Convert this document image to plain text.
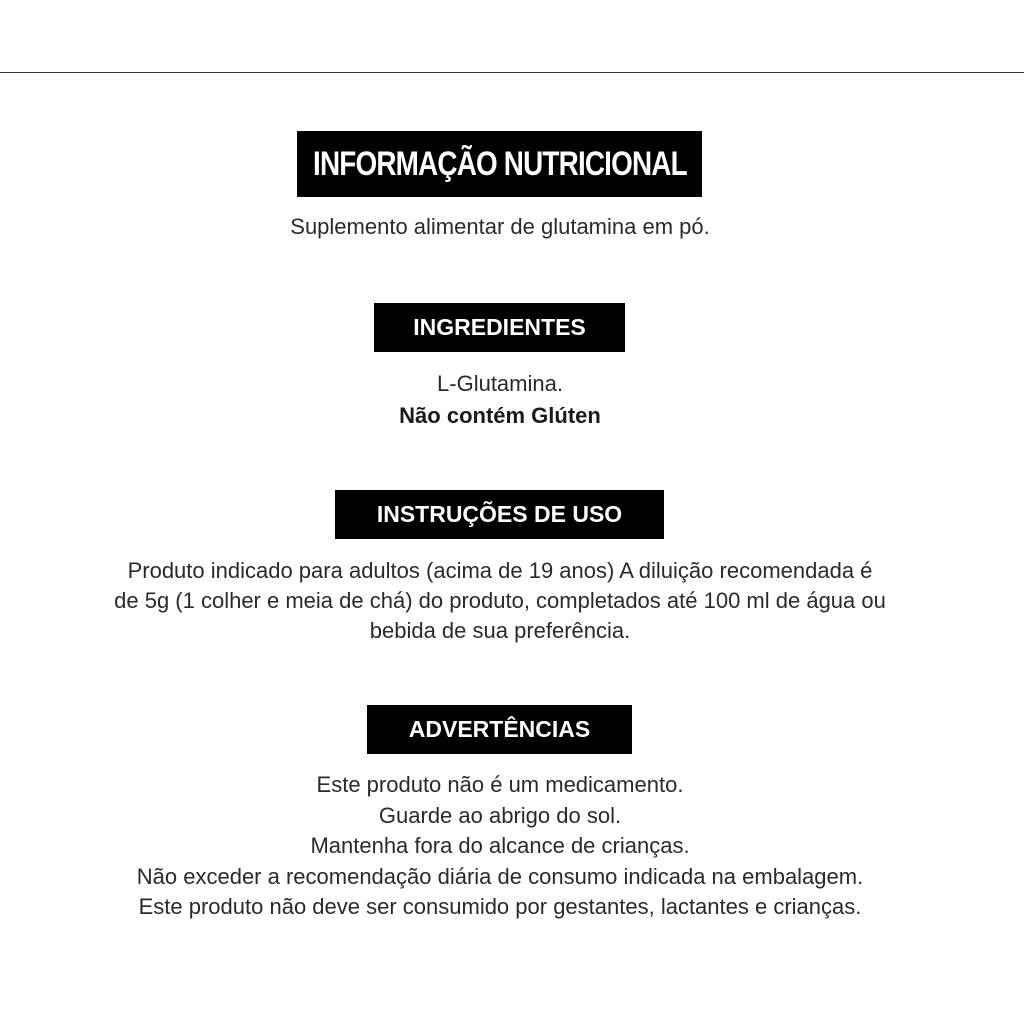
INFORMAÇÃO NUTRICIONAL
Suplemento alimentar de glutamina em pó.
INGREDIENTES
L-Glutamina.
Não contém Glúten
INSTRUÇÕES DE USO
Produto indicado para adultos (acima de 19 anos) A diluição recomendada é
de 5g (1 colher e meia de chá) do produto, completados até 100 ml de água ou
bebida de sua preferência.
ADVERTÊNCIAS
Este produto não é um medicamento.
Guarde ao abrigo do sol.
Mantenha fora do alcance de crianças.
Não exceder a recomendação diária de consumo indicada na embalagem.
Este produto não deve ser consumido por gestantes, lactantes e crianças.
